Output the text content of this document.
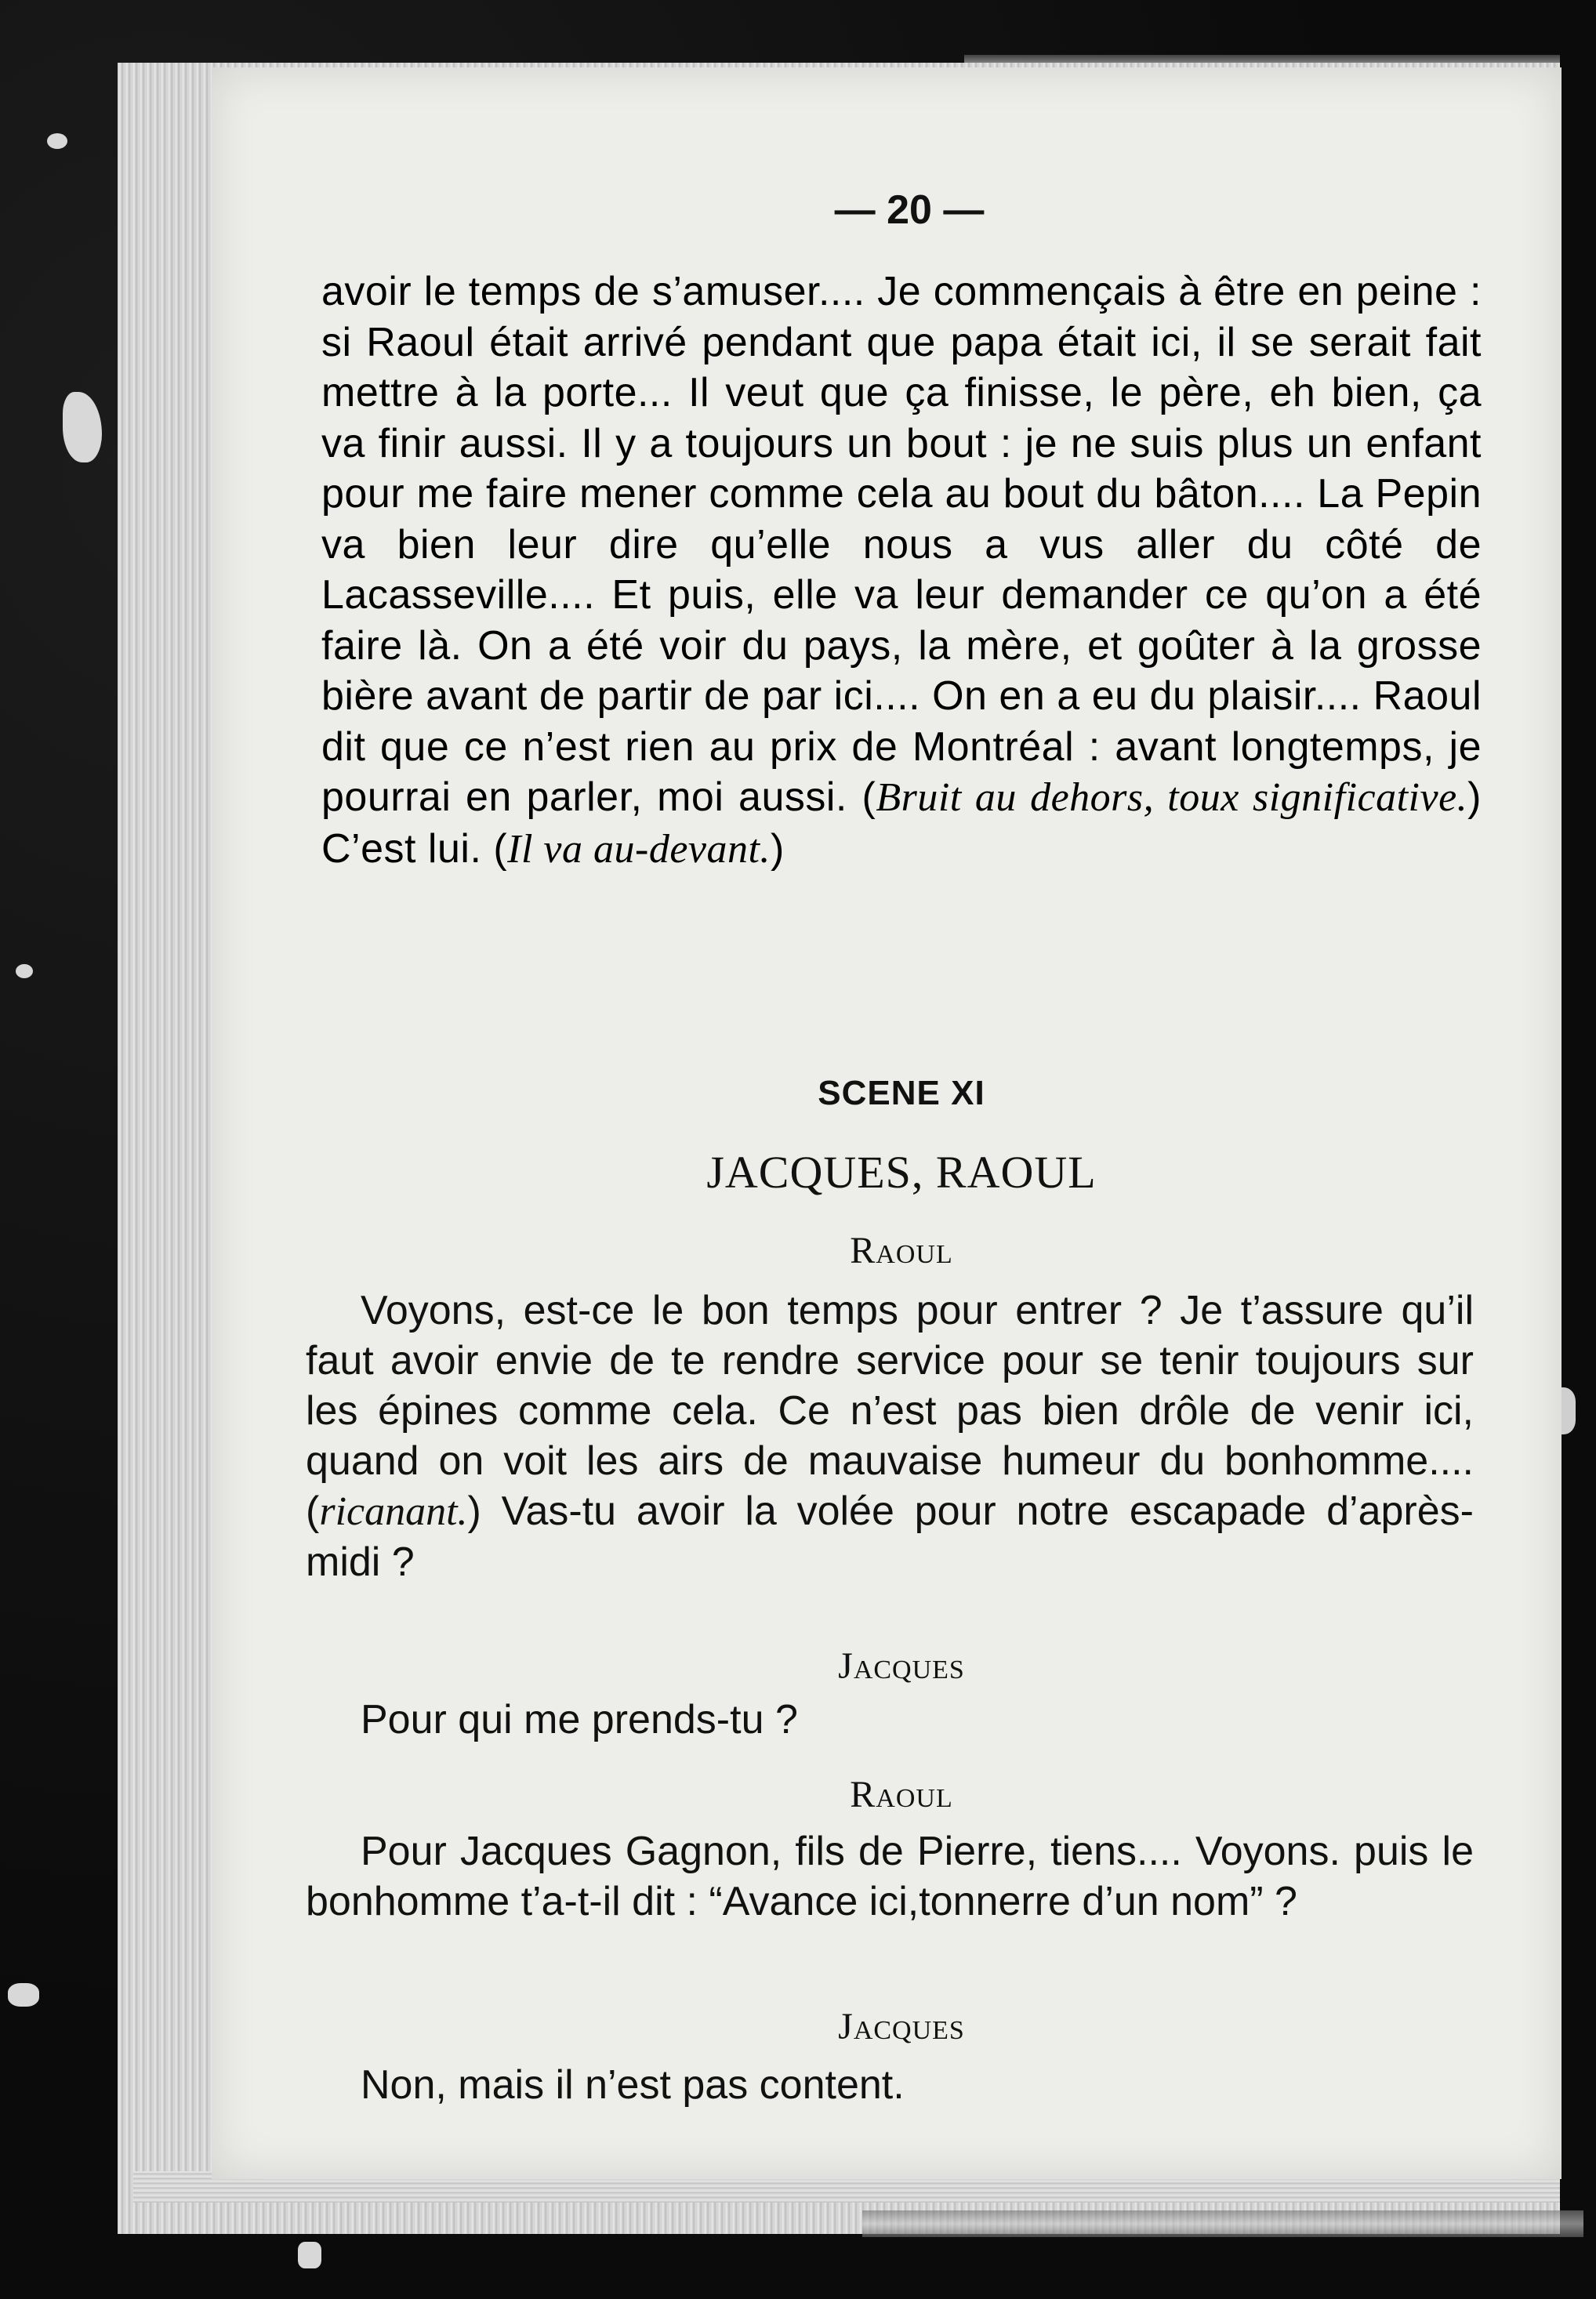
— 20 —

avoir le temps de s’amuser.... Je commençais à être en peine : si Raoul était arrivé pendant que papa était ici, il se serait fait mettre à la porte... Il veut que ça finisse, le père, eh bien, ça va finir aussi. Il y a toujours un bout : je ne suis plus un enfant pour me faire mener comme cela au bout du bâton.... La Pepin va bien leur dire qu’elle nous a vus aller du côté de Lacasseville.... Et puis, elle va leur demander ce qu’on a été faire là. On a été voir du pays, la mère, et goûter à la grosse bière avant de partir de par ici.... On en a eu du plaisir.... Raoul dit que ce n’est rien au prix de Montréal : avant longtemps, je pourrai en parler, moi aussi. (Bruit au dehors, toux significative.) C’est lui. (Il va au-devant.)

SCENE XI
JACQUES, RAOUL
Raoul

Voyons, est-ce le bon temps pour entrer ? Je t’assure qu’il faut avoir envie de te rendre service pour se tenir toujours sur les épines comme cela. Ce n’est pas bien drôle de venir ici, quand on voit les airs de mauvaise humeur du bonhomme.... (ricanant.) Vas-tu avoir la volée pour notre escapade d’après-midi ?

Jacques

Pour qui me prends-tu ?

Raoul

Pour Jacques Gagnon, fils de Pierre, tiens.... Voyons. puis le bonhomme t’a-t-il dit : “Avance ici,tonnerre d’un nom” ?

Jacques

Non, mais il n’est pas content.
